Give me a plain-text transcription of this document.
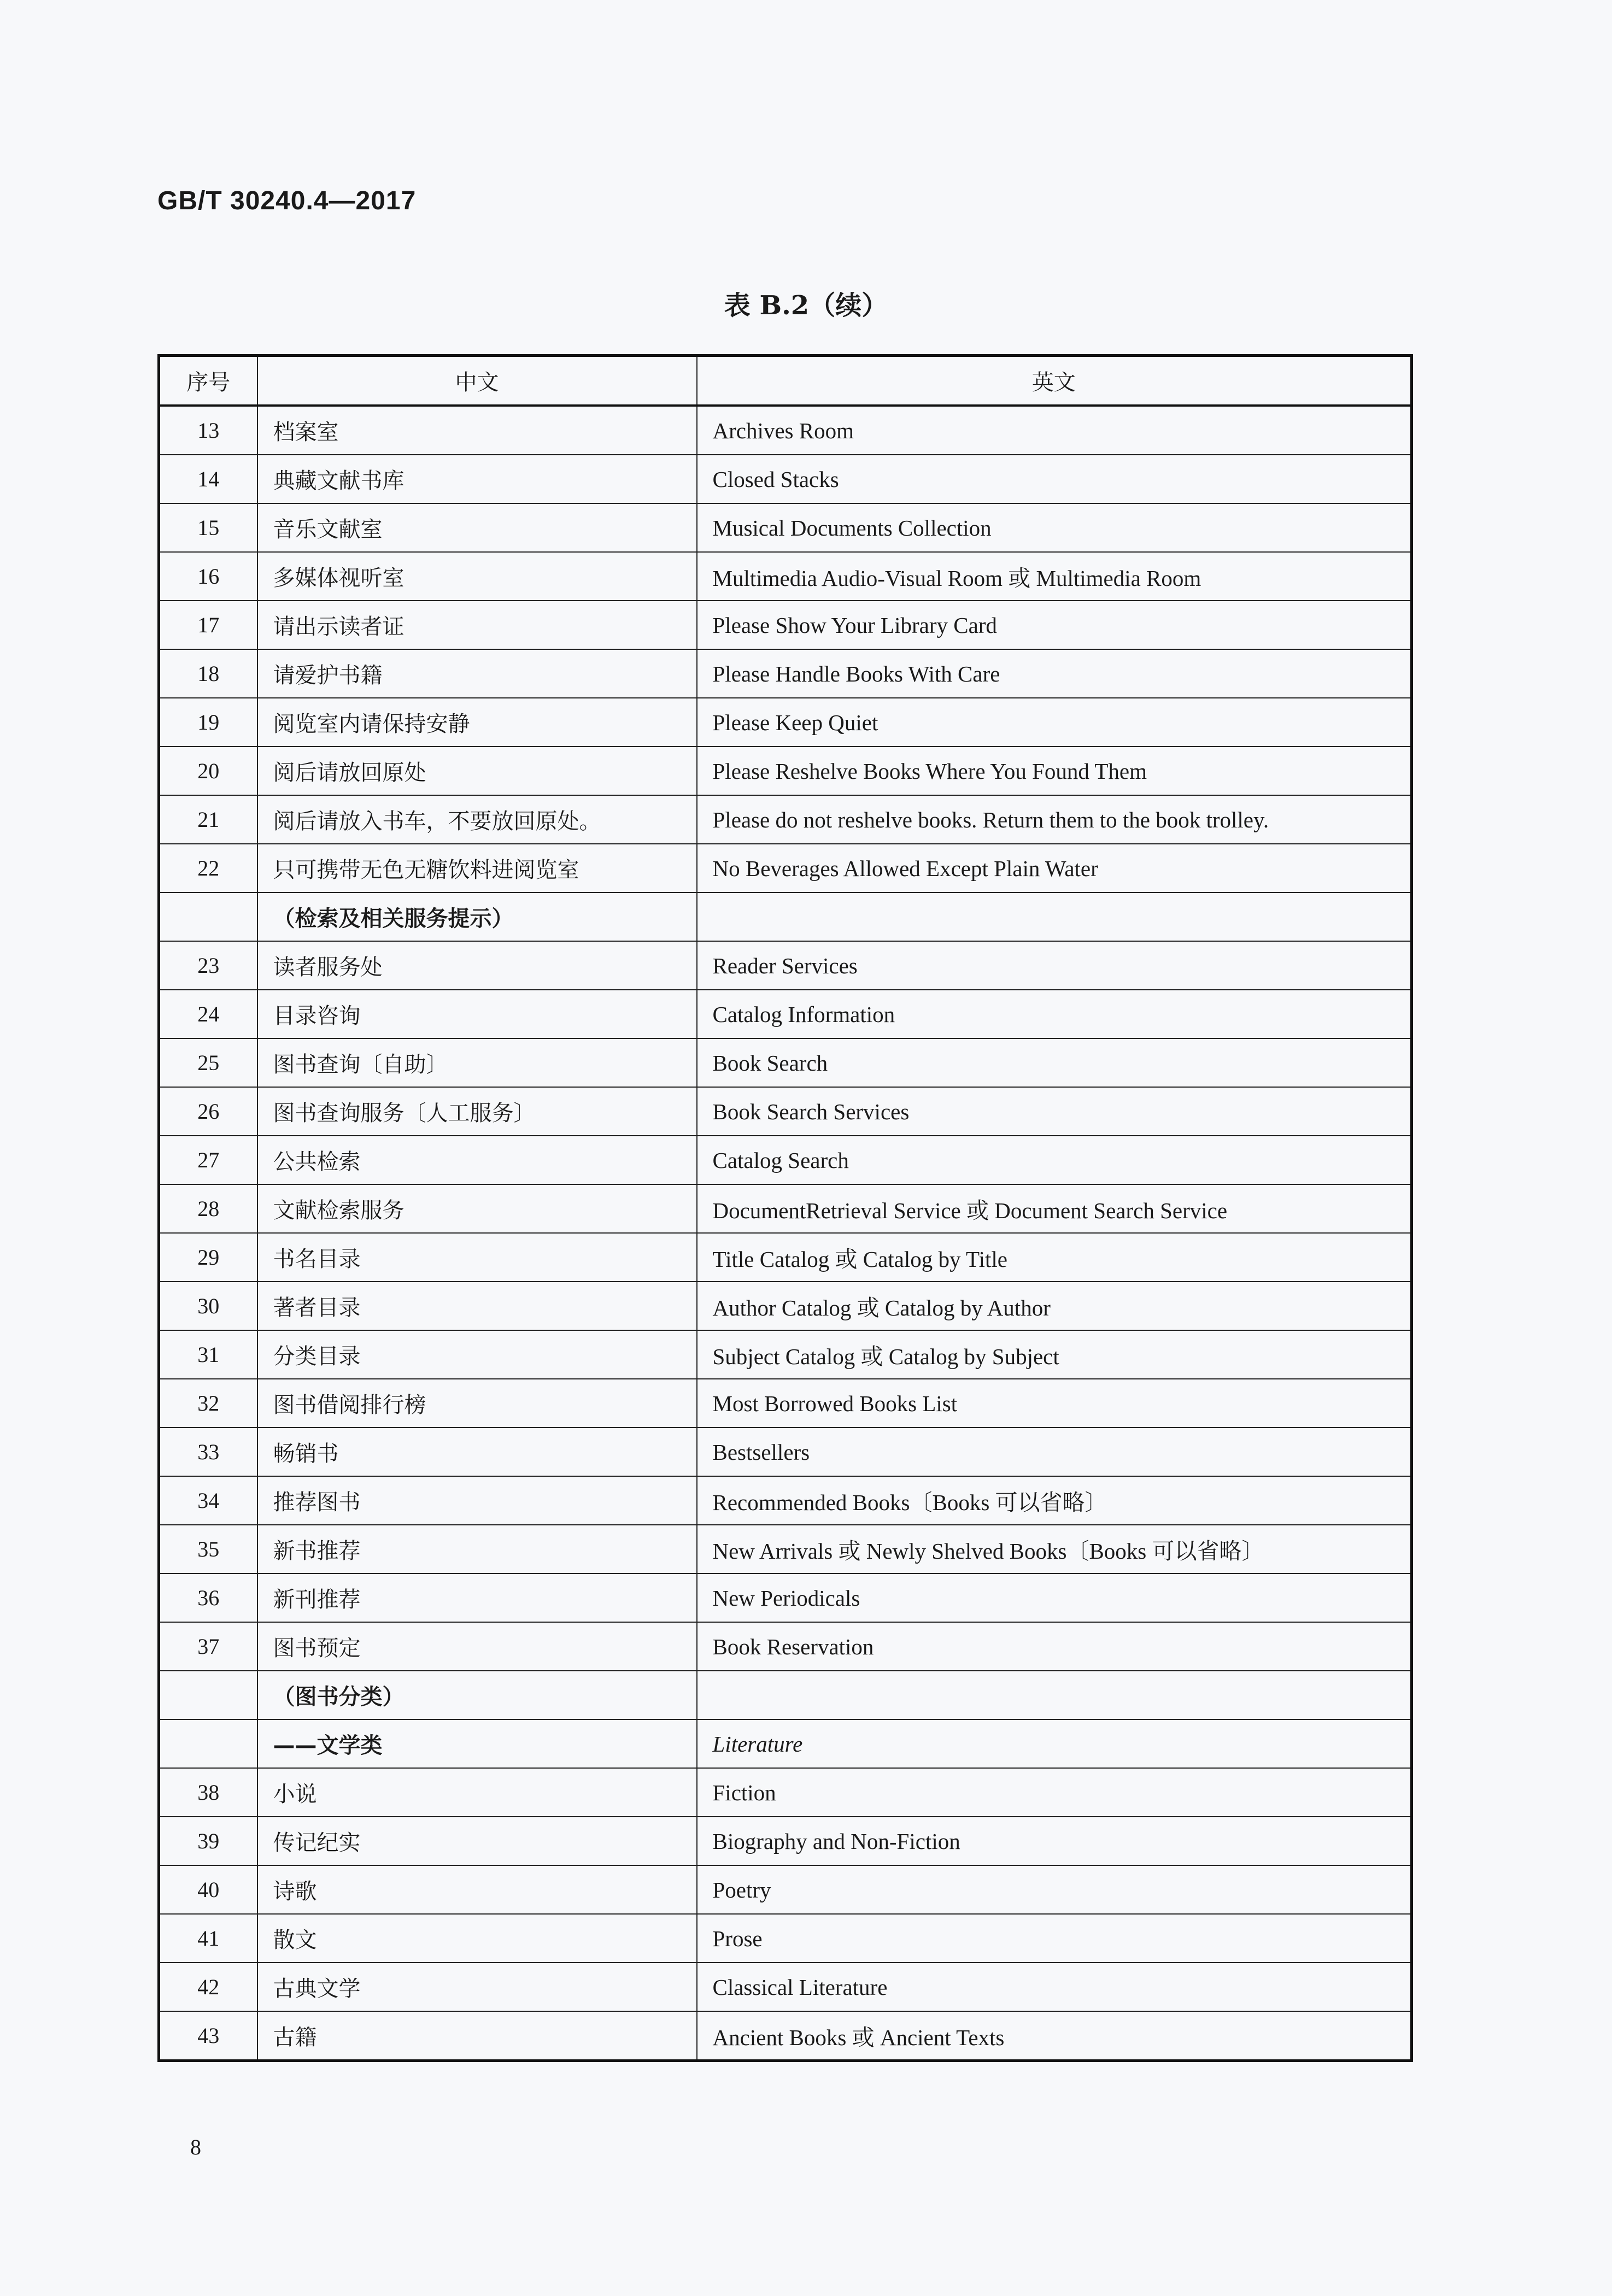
GB/T 30240.4—2017
表 B.2（续）
序号	中文	英文
13	档案室	Archives Room
14	典藏文献书库	Closed Stacks
15	音乐文献室	Musical Documents Collection
16	多媒体视听室	Multimedia Audio-Visual Room 或 Multimedia Room
17	请出示读者证	Please Show Your Library Card
18	请爱护书籍	Please Handle Books With Care
19	阅览室内请保持安静	Please Keep Quiet
20	阅后请放回原处	Please Reshelve Books Where You Found Them
21	阅后请放入书车，不要放回原处。	Please do not reshelve books. Return them to the book trolley.
22	只可携带无色无糖饮料进阅览室	No Beverages Allowed Except Plain Water
	（检索及相关服务提示）	
23	读者服务处	Reader Services
24	目录咨询	Catalog Information
25	图书查询〔自助〕	Book Search
26	图书查询服务〔人工服务〕	Book Search Services
27	公共检索	Catalog Search
28	文献检索服务	DocumentRetrieval Service 或 Document Search Service
29	书名目录	Title Catalog 或 Catalog by Title
30	著者目录	Author Catalog 或 Catalog by Author
31	分类目录	Subject Catalog 或 Catalog by Subject
32	图书借阅排行榜	Most Borrowed Books List
33	畅销书	Bestsellers
34	推荐图书	Recommended Books〔Books 可以省略〕
35	新书推荐	New Arrivals 或 Newly Shelved Books〔Books 可以省略〕
36	新刊推荐	New Periodicals
37	图书预定	Book Reservation
	（图书分类）	
	——文学类	Literature
38	小说	Fiction
39	传记纪实	Biography and Non-Fiction
40	诗歌	Poetry
41	散文	Prose
42	古典文学	Classical Literature
43	古籍	Ancient Books 或 Ancient Texts
8
